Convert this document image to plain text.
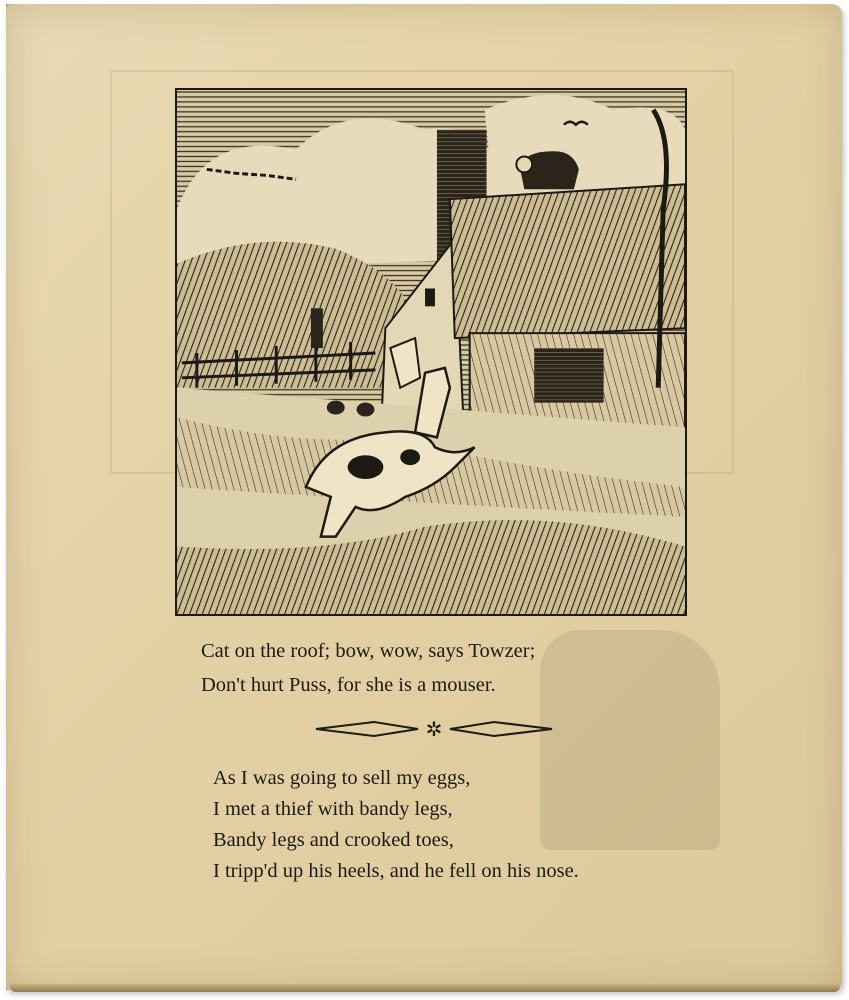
Cat on the roof; bow, wow, says Towzer;

Don't hurt Puss, for she is a mouser.

✲

As I was going to sell my eggs,

I met a thief with bandy legs,

Bandy legs and crooked toes,

I tripp'd up his heels, and he fell on his nose.
